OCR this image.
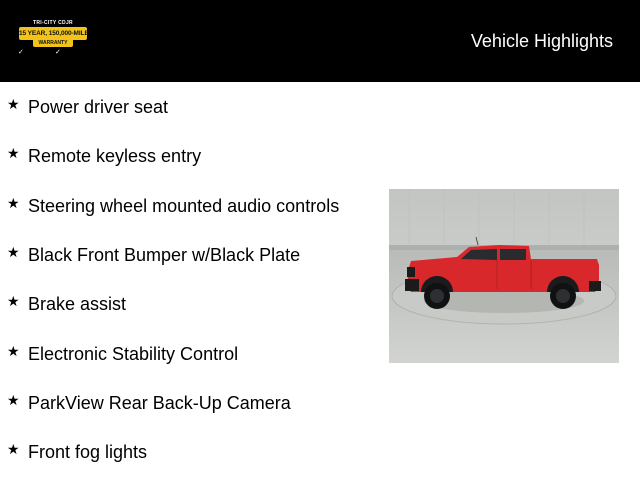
TRI-CITY CDJR
15 YEAR, 150,000-MILE
WARRANTY
✓	✓
Vehicle Highlights
★ Power driver seat
★ Remote keyless entry
★ Steering wheel mounted audio controls
★ Black Front Bumper w/Black Plate
★ Brake assist
★ Electronic Stability Control
★ ParkView Rear Back-Up Camera
★ Front fog lights
